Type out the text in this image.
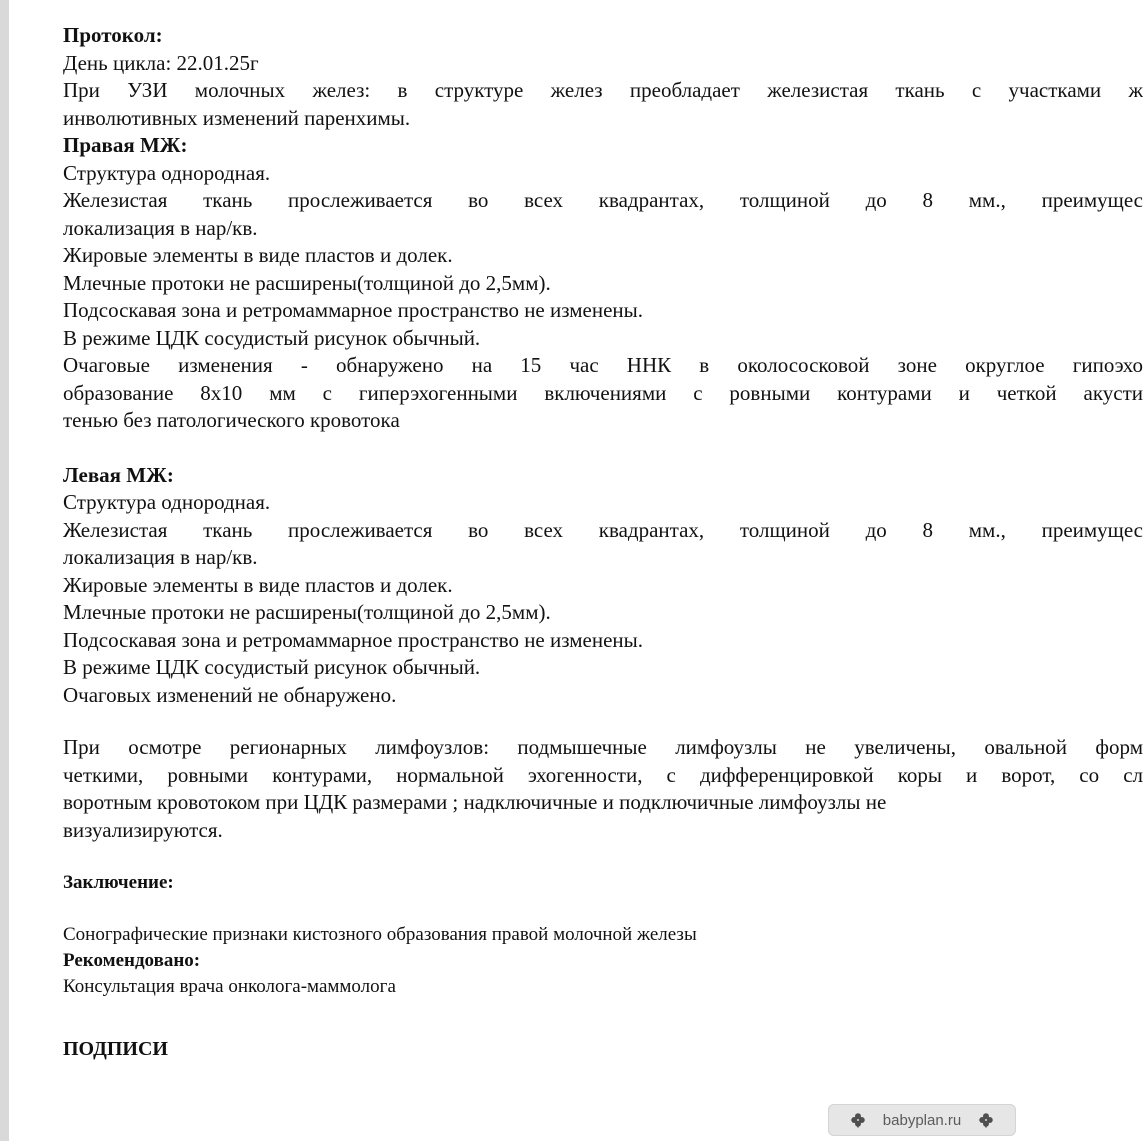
Протокол:
День цикла: 22.01.25г
При УЗИ молочных желез: в структуре желез преобладает железистая ткань с участками ж
инволютивных изменений паренхимы.
Правая МЖ:
Структура однородная.
Железистая ткань прослеживается во всех квадрантах, толщиной до 8 мм., преимущес
локализация в нар/кв.
Жировые элементы в виде пластов и долек.
Млечные протоки не расширены(толщиной до 2,5мм).
Подсоскавая зона и ретромаммарное пространство не изменены.
В режиме ЦДК сосудистый рисунок обычный.
Очаговые изменения - обнаружено на 15 час ННК в околососковой зоне округлое гипоэхо
образование 8х10 мм с гиперэхогенными включениями с ровными контурами и четкой акусти
тенью без патологического кровотока
Левая МЖ:
Структура однородная.
Железистая ткань прослеживается во всех квадрантах, толщиной до 8 мм., преимущес
локализация в нар/кв.
Жировые элементы в виде пластов и долек.
Млечные протоки не расширены(толщиной до 2,5мм).
Подсоскавая зона и ретромаммарное пространство не изменены.
В режиме ЦДК сосудистый рисунок обычный.
Очаговых изменений не обнаружено.
При осмотре регионарных лимфоузлов: подмышечные лимфоузлы не увеличены, овальной форм
четкими, ровными контурами, нормальной эхогенности, с дифференцировкой коры и ворот, со сл
воротным кровотоком при ЦДК размерами ; надключичные и подключичные лимфоузлы не
визуализируются.
Заключение:
Сонографические признаки кистозного образования правой молочной железы
Рекомендовано:
Консультация врача онколога-маммолога
ПОДПИСИ
babyplan.ru
